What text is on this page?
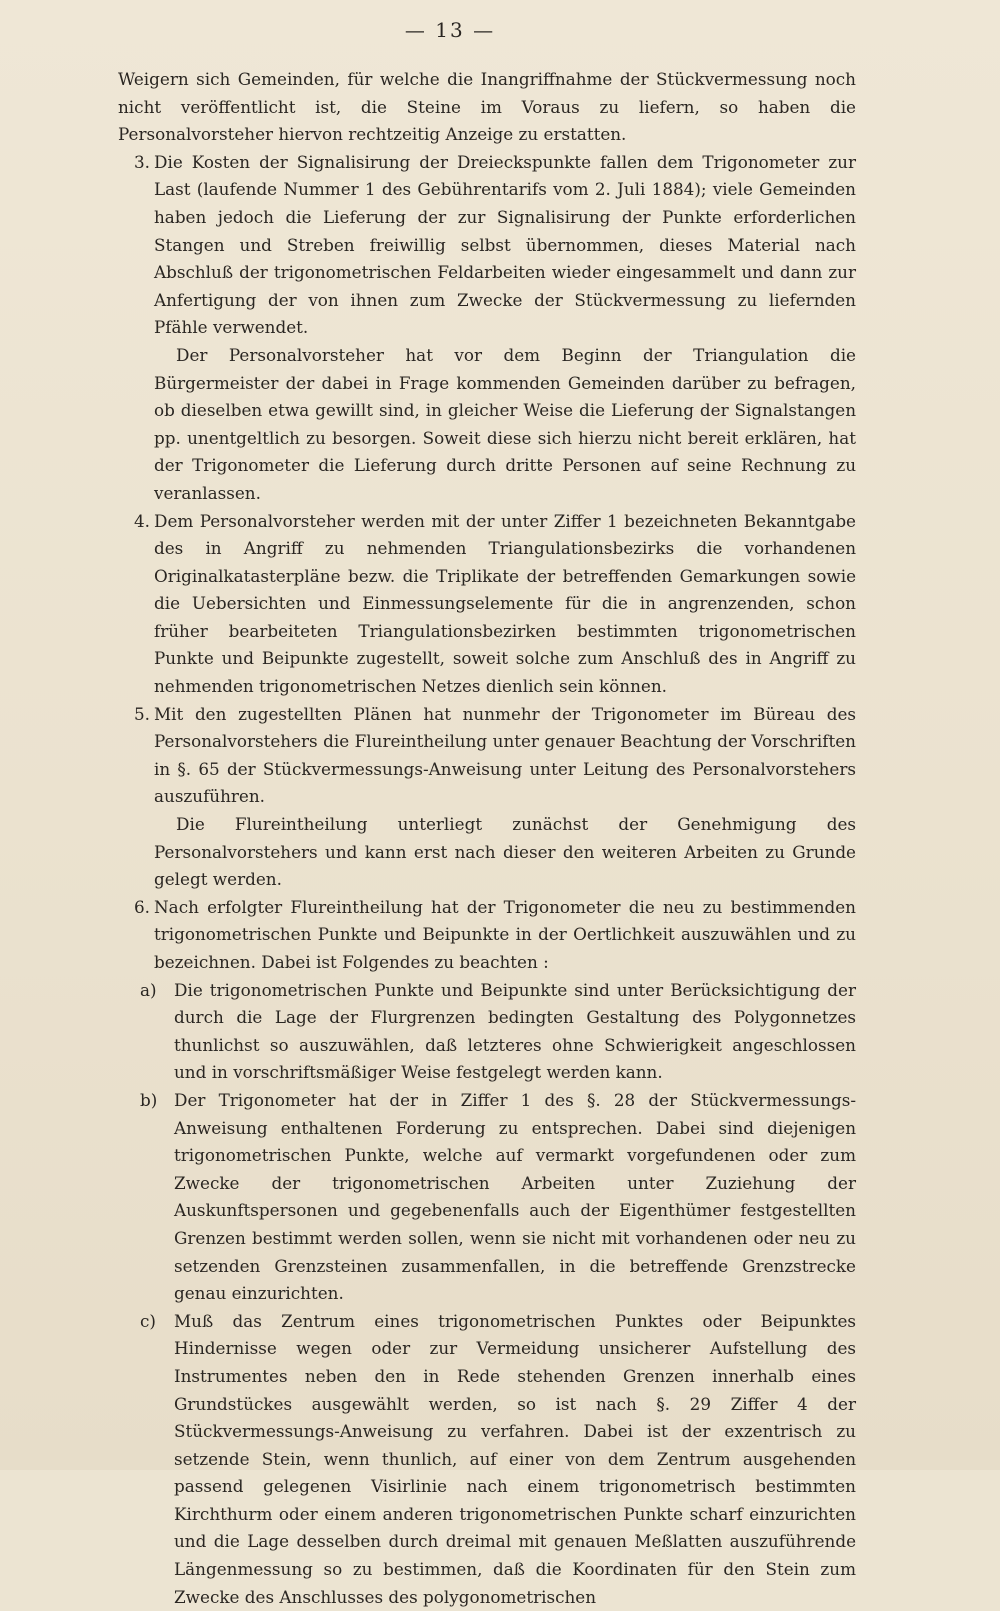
— 13 —

Weigern sich Gemeinden, für welche die Inangriffnahme der Stückvermessung noch nicht veröffentlicht ist, die Steine im Voraus zu liefern, so haben die Personalvorsteher hiervon rechtzeitig Anzeige zu erstatten.

3. Die Kosten der Signalisirung der Dreieckspunkte fallen dem Trigonometer zur Last (laufende Nummer 1 des Gebührentarifs vom 2. Juli 1884); viele Gemeinden haben jedoch die Lieferung der zur Signalisirung der Punkte erforderlichen Stangen und Streben freiwillig selbst übernommen, dieses Material nach Abschluß der trigonometrischen Feldarbeiten wieder eingesammelt und dann zur Anfertigung der von ihnen zum Zwecke der Stückvermessung zu liefernden Pfähle verwendet.

Der Personalvorsteher hat vor dem Beginn der Triangulation die Bürgermeister der dabei in Frage kommenden Gemeinden darüber zu befragen, ob dieselben etwa gewillt sind, in gleicher Weise die Lieferung der Signalstangen pp. unentgeltlich zu besorgen. Soweit diese sich hierzu nicht bereit erklären, hat der Trigonometer die Lieferung durch dritte Personen auf seine Rechnung zu veranlassen.

4. Dem Personalvorsteher werden mit der unter Ziffer 1 bezeichneten Bekanntgabe des in Angriff zu nehmenden Triangulationsbezirks die vorhandenen Originalkatasterpläne bezw. die Triplikate der betreffenden Gemarkungen sowie die Uebersichten und Einmessungselemente für die in angrenzenden, schon früher bearbeiteten Triangulationsbezirken bestimmten trigonometrischen Punkte und Beipunkte zugestellt, soweit solche zum Anschluß des in Angriff zu nehmenden trigonometrischen Netzes dienlich sein können.

5. Mit den zugestellten Plänen hat nunmehr der Trigonometer im Büreau des Personalvorstehers die Flureintheilung unter genauer Beachtung der Vorschriften in §. 65 der Stückvermessungs-Anweisung unter Leitung des Personalvorstehers auszuführen.

Die Flureintheilung unterliegt zunächst der Genehmigung des Personalvorstehers und kann erst nach dieser den weiteren Arbeiten zu Grunde gelegt werden.

6. Nach erfolgter Flureintheilung hat der Trigonometer die neu zu bestimmenden trigonometrischen Punkte und Beipunkte in der Oertlichkeit auszuwählen und zu bezeichnen. Dabei ist Folgendes zu beachten :

a) Die trigonometrischen Punkte und Beipunkte sind unter Berücksichtigung der durch die Lage der Flurgrenzen bedingten Gestaltung des Polygonnetzes thunlichst so auszuwählen, daß letzteres ohne Schwierigkeit angeschlossen und in vorschriftsmäßiger Weise festgelegt werden kann.

b) Der Trigonometer hat der in Ziffer 1 des §. 28 der Stückvermessungs-Anweisung enthaltenen Forderung zu entsprechen. Dabei sind diejenigen trigonometrischen Punkte, welche auf vermarkt vorgefundenen oder zum Zwecke der trigonometrischen Arbeiten unter Zuziehung der Auskunftspersonen und gegebenenfalls auch der Eigenthümer festgestellten Grenzen bestimmt werden sollen, wenn sie nicht mit vorhandenen oder neu zu setzenden Grenzsteinen zusammenfallen, in die betreffende Grenzstrecke genau einzurichten.

c) Muß das Zentrum eines trigonometrischen Punktes oder Beipunktes Hindernisse wegen oder zur Vermeidung unsicherer Aufstellung des Instrumentes neben den in Rede stehenden Grenzen innerhalb eines Grundstückes ausgewählt werden, so ist nach §. 29 Ziffer 4 der Stückvermessungs-Anweisung zu verfahren. Dabei ist der exzentrisch zu setzende Stein, wenn thunlich, auf einer von dem Zentrum ausgehenden passend gelegenen Visirlinie nach einem trigonometrisch bestimmten Kirchthurm oder einem anderen trigonometrischen Punkte scharf einzurichten und die Lage desselben durch dreimal mit genauen Meßlatten auszuführende Längenmessung so zu bestimmen, daß die Koordinaten für den Stein zum Zwecke des Anschlusses des polygonometrischen
